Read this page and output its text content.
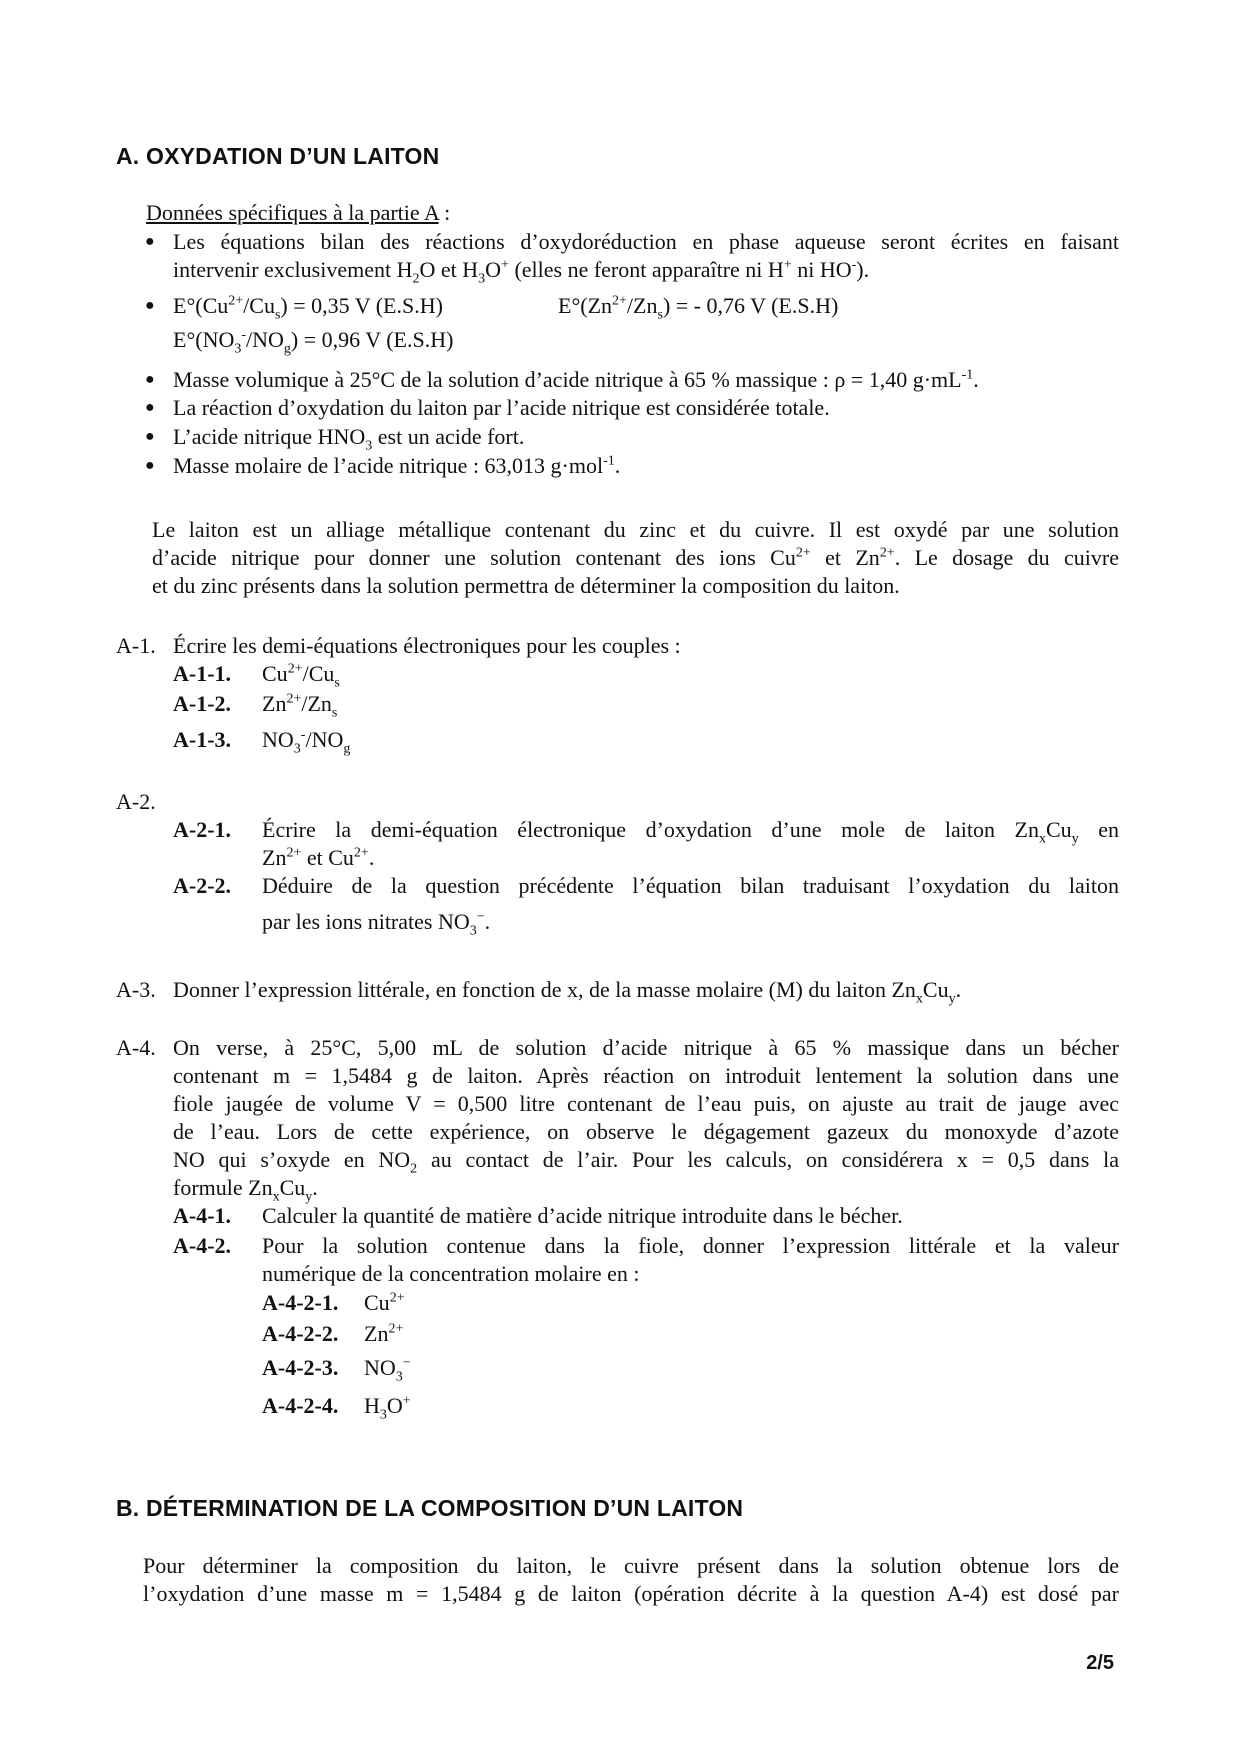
A. OXYDATION D’UN LAITON
Données spécifiques à la partie A :
● Les équations bilan des réactions d’oxydoréduction en phase aqueuse seront écrites en faisant
intervenir exclusivement $H_2O$ et $H_3O^+$ (elles ne feront apparaître ni H+ ni HO-).
● $E^\circ(Cu^{2+}/Cu_s) = 0,35$ V (E.S.H)	$E^\circ(Zn^{2+}/Zn_s)$ = - 0,76 V (E.S.H)
$E^\circ(NO_3^-/NO_g) = 0,96$ V (E.S.H)
● Masse volumique à 25°C de la solution d’acide nitrique à 65 % massique : ρ = 1,40 $g\cdot mL^{-1}$.
● La réaction d’oxydation du laiton par l’acide nitrique est considérée totale.
● L’acide nitrique $HNO_3$ est un acide fort.
● Masse molaire de l’acide nitrique : 63,013 g·mol$^{-1}$.
Le laiton est un alliage métallique contenant du zinc et du cuivre. Il est oxydé par une solution
d’acide nitrique pour donner une solution contenant des ions $Cu^{2+}$ et $Zn^{2+}$. Le dosage du cuivre
et du zinc présents dans la solution permettra de déterminer la composition du laiton.
A-1. Écrire les demi-équations électroniques pour les couples :
A-1-1. $Cu^{2+}/Cu_s$
A-1-2. $Zn^{2+}/Zn_s$
A-1-3. $NO_3^-/NO_g$
A-2.
A-2-1. Écrire la demi-équation électronique d’oxydation d’une mole de laiton $Zn_xCu_y$ en
$Zn^{2+}$ et $Cu^{2+}$.
A-2-2. Déduire de la question précédente l’équation bilan traduisant l’oxydation du laiton
par les ions nitrates $NO_3^-$.
A-3. Donner l’expression littérale, en fonction de x, de la masse molaire (M) du laiton $Zn_xCu_y$.
A-4. On verse, à 25°C, 5,00 mL de solution d’acide nitrique à 65 % massique dans un bécher
contenant m = 1,5484 g de laiton. Après réaction on introduit lentement la solution dans une
fiole jaugée de volume V = 0,500 litre contenant de l’eau puis, on ajuste au trait de jauge avec
de l’eau. Lors de cette expérience, on observe le dégagement gazeux du monoxyde d’azote
NO qui s’oxyde en $NO_2$ au contact de l’air. Pour les calculs, on considérera x = 0,5 dans la
formule $Zn_xCu_y$.
A-4-1. Calculer la quantité de matière d’acide nitrique introduite dans le bécher.
A-4-2. Pour la solution contenue dans la fiole, donner l’expression littérale et la valeur
numérique de la concentration molaire en :
A-4-2-1. $Cu^{2+}$
A-4-2-2. $Zn^{2+}$
A-4-2-3. $NO_3^-$
A-4-2-4. $H_3O^+$
B. DÉTERMINATION DE LA COMPOSITION D’UN LAITON
Pour déterminer la composition du laiton, le cuivre présent dans la solution obtenue lors de
l’oxydation d’une masse m = 1,5484 g de laiton (opération décrite à la question A-4) est dosé par
2/5
